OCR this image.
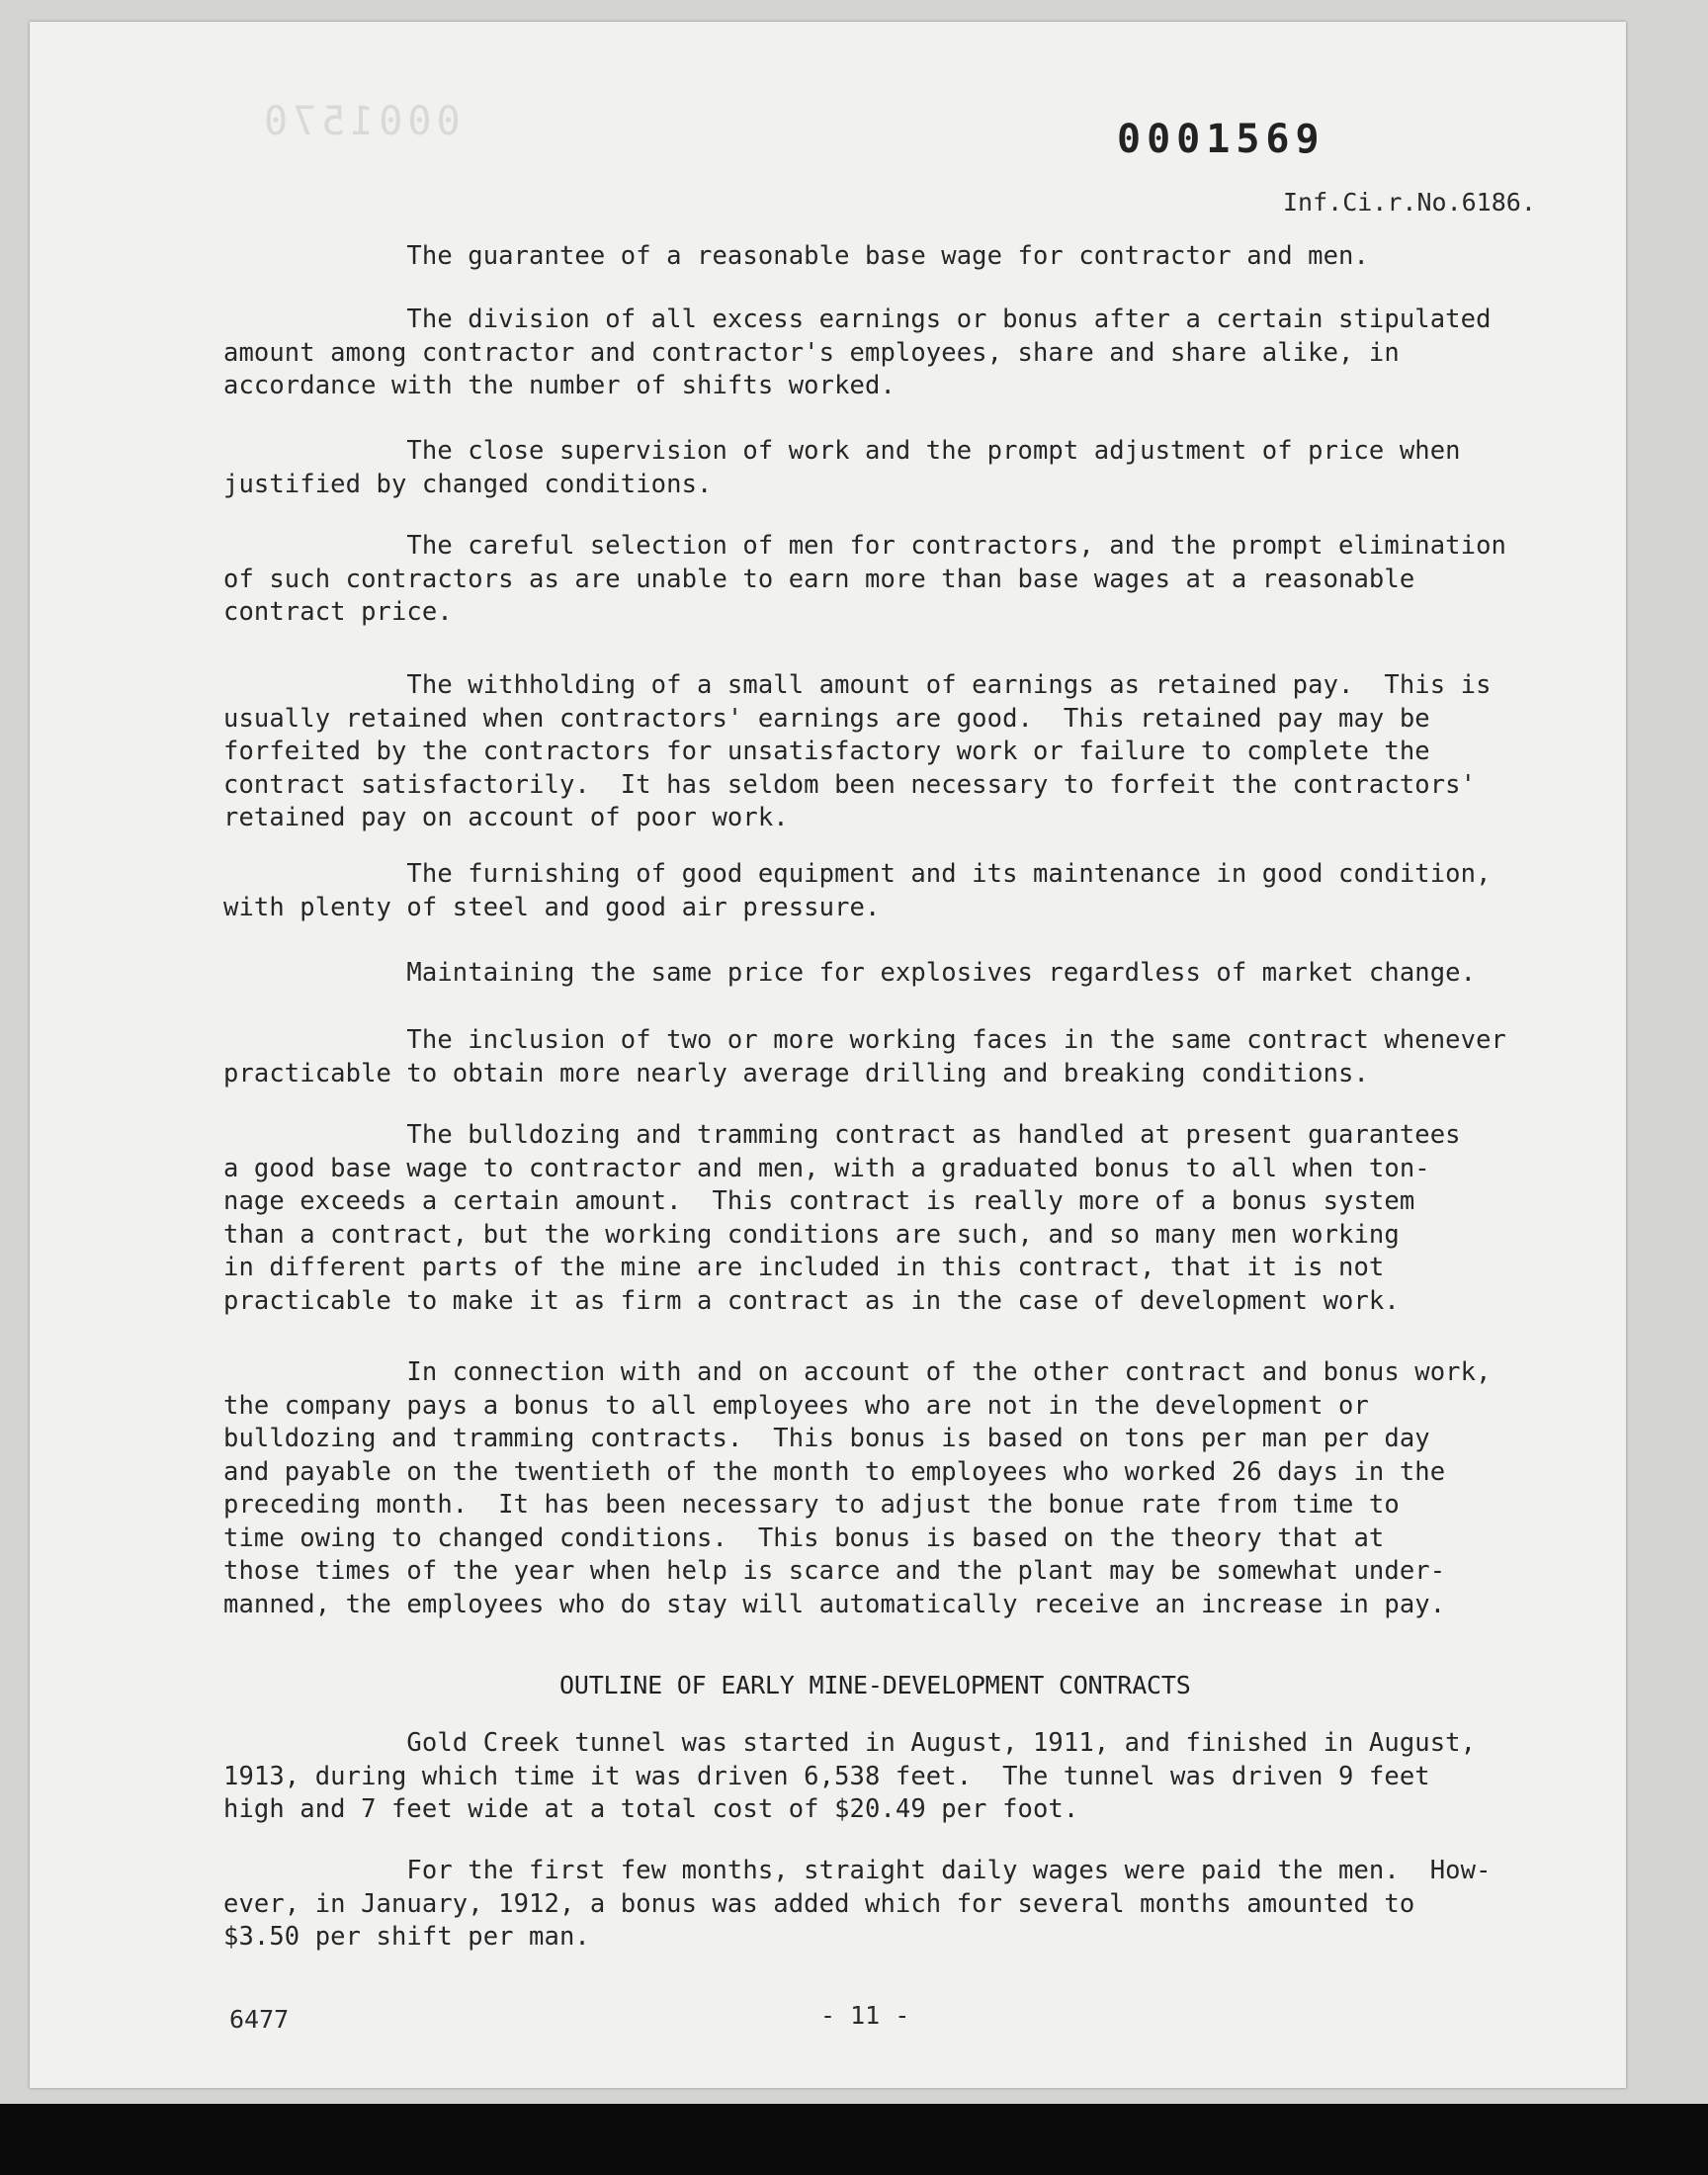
0001570	0001569
Inf.Ci.r.No.6186.

The guarantee of a reasonable base wage for contractor and men.

The division of all excess earnings or bonus after a certain stipulated
amount among contractor and contractor's employees, share and share alike, in
accordance with the number of shifts worked.

The close supervision of work and the prompt adjustment of price when
justified by changed conditions.

The careful selection of men for contractors, and the prompt elimination
of such contractors as are unable to earn more than base wages at a reasonable
contract price.

The withholding of a small amount of earnings as retained pay.  This is
usually retained when contractors' earnings are good.  This retained pay may be
forfeited by the contractors for unsatisfactory work or failure to complete the
contract satisfactorily.  It has seldom been necessary to forfeit the contractors'
retained pay on account of poor work.

The furnishing of good equipment and its maintenance in good condition,
with plenty of steel and good air pressure.

Maintaining the same price for explosives regardless of market change.

The inclusion of two or more working faces in the same contract whenever
practicable to obtain more nearly average drilling and breaking conditions.

The bulldozing and tramming contract as handled at present guarantees
a good base wage to contractor and men, with a graduated bonus to all when ton-
nage exceeds a certain amount.  This contract is really more of a bonus system
than a contract, but the working conditions are such, and so many men working
in different parts of the mine are included in this contract, that it is not
practicable to make it as firm a contract as in the case of development work.

In connection with and on account of the other contract and bonus work,
the company pays a bonus to all employees who are not in the development or
bulldozing and tramming contracts.  This bonus is based on tons per man per day
and payable on the twentieth of the month to employees who worked 26 days in the
preceding month.  It has been necessary to adjust the bonue rate from time to
time owing to changed conditions.  This bonus is based on the theory that at
those times of the year when help is scarce and the plant may be somewhat under-
manned, the employees who do stay will automatically receive an increase in pay.

OUTLINE OF EARLY MINE-DEVELOPMENT CONTRACTS

Gold Creek tunnel was started in August, 1911, and finished in August,
1913, during which time it was driven 6,538 feet.  The tunnel was driven 9 feet
high and 7 feet wide at a total cost of $20.49 per foot.

For the first few months, straight daily wages were paid the men.  How-
ever, in January, 1912, a bonus was added which for several months amounted to
$3.50 per shift per man.

6477	- 11 -
